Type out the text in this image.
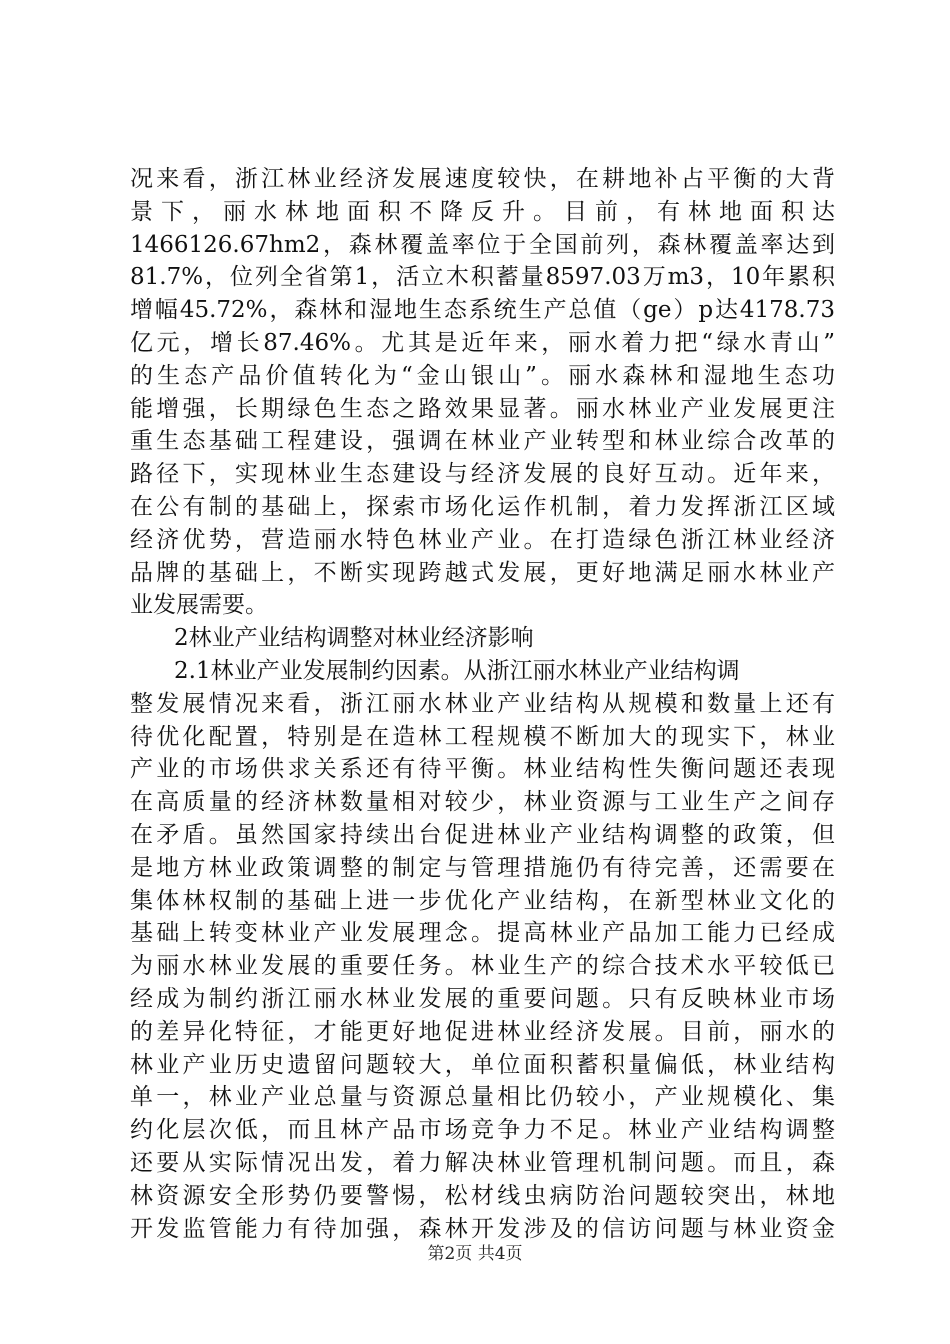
况来看，浙江林业经济发展速度较快，在耕地补占平衡的大背
景下，丽水林地面积不降反升。目前，有林地面积达
1466126.67hm2，森林覆盖率位于全国前列，森林覆盖率达到
81.7%，位列全省第1，活立木积蓄量8597.03万m3，10年累积
增幅45.72%，森林和湿地生态系统生产总值（ge）p达4178.73
亿元，增长87.46%。尤其是近年来，丽水着力把“绿水青山”
的生态产品价值转化为“金山银山”。丽水森林和湿地生态功
能增强，长期绿色生态之路效果显著。丽水林业产业发展更注
重生态基础工程建设，强调在林业产业转型和林业综合改革的
路径下，实现林业生态建设与经济发展的良好互动。近年来，
在公有制的基础上，探索市场化运作机制，着力发挥浙江区域
经济优势，营造丽水特色林业产业。在打造绿色浙江林业经济
品牌的基础上，不断实现跨越式发展，更好地满足丽水林业产
业发展需要。
2林业产业结构调整对林业经济影响
2.1林业产业发展制约因素。从浙江丽水林业产业结构调
整发展情况来看，浙江丽水林业产业结构从规模和数量上还有
待优化配置，特别是在造林工程规模不断加大的现实下，林业
产业的市场供求关系还有待平衡。林业结构性失衡问题还表现
在高质量的经济林数量相对较少，林业资源与工业生产之间存
在矛盾。虽然国家持续出台促进林业产业结构调整的政策，但
是地方林业政策调整的制定与管理措施仍有待完善，还需要在
集体林权制的基础上进一步优化产业结构，在新型林业文化的
基础上转变林业产业发展理念。提高林业产品加工能力已经成
为丽水林业发展的重要任务。林业生产的综合技术水平较低已
经成为制约浙江丽水林业发展的重要问题。只有反映林业市场
的差异化特征，才能更好地促进林业经济发展。目前，丽水的
林业产业历史遗留问题较大，单位面积蓄积量偏低，林业结构
单一，林业产业总量与资源总量相比仍较小，产业规模化、集
约化层次低，而且林产品市场竞争力不足。林业产业结构调整
还要从实际情况出发，着力解决林业管理机制问题。而且，森
林资源安全形势仍要警惕，松材线虫病防治问题较突出，林地
开发监管能力有待加强，森林开发涉及的信访问题与林业资金
第2页 共4页
